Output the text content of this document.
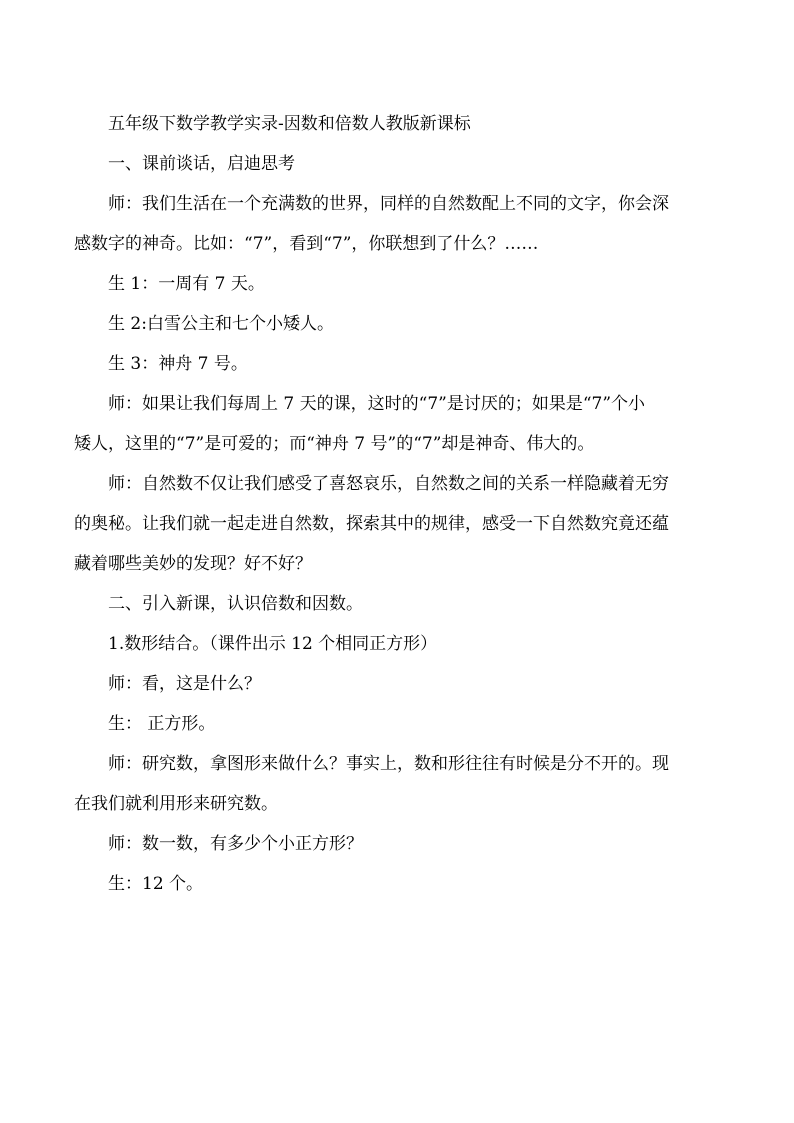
五年级下数学教学实录-因数和倍数人教版新课标

一、课前谈话，启迪思考

师：我们生活在一个充满数的世界，同样的自然数配上不同的文字，你会深
感数字的神奇。比如：“7”，看到“7”，你联想到了什么？……

生 1：一周有 7 天。

生 2:白雪公主和七个小矮人。

生 3：神舟 7 号。

师：如果让我们每周上 7 天的课，这时的“7”是讨厌的；如果是“7”个小
矮人，这里的“7”是可爱的；而“神舟 7 号”的“7”却是神奇、伟大的。

师：自然数不仅让我们感受了喜怒哀乐，自然数之间的关系一样隐藏着无穷
的奥秘。让我们就一起走进自然数，探索其中的规律，感受一下自然数究竟还蕴
藏着哪些美妙的发现？好不好？

二、引入新课，认识倍数和因数。

1.数形结合。（课件出示 12 个相同正方形）

师：看，这是什么？

生： 正方形。

师：研究数，拿图形来做什么？事实上，数和形往往有时候是分不开的。现
在我们就利用形来研究数。

师：数一数，有多少个小正方形？

生：12 个。
